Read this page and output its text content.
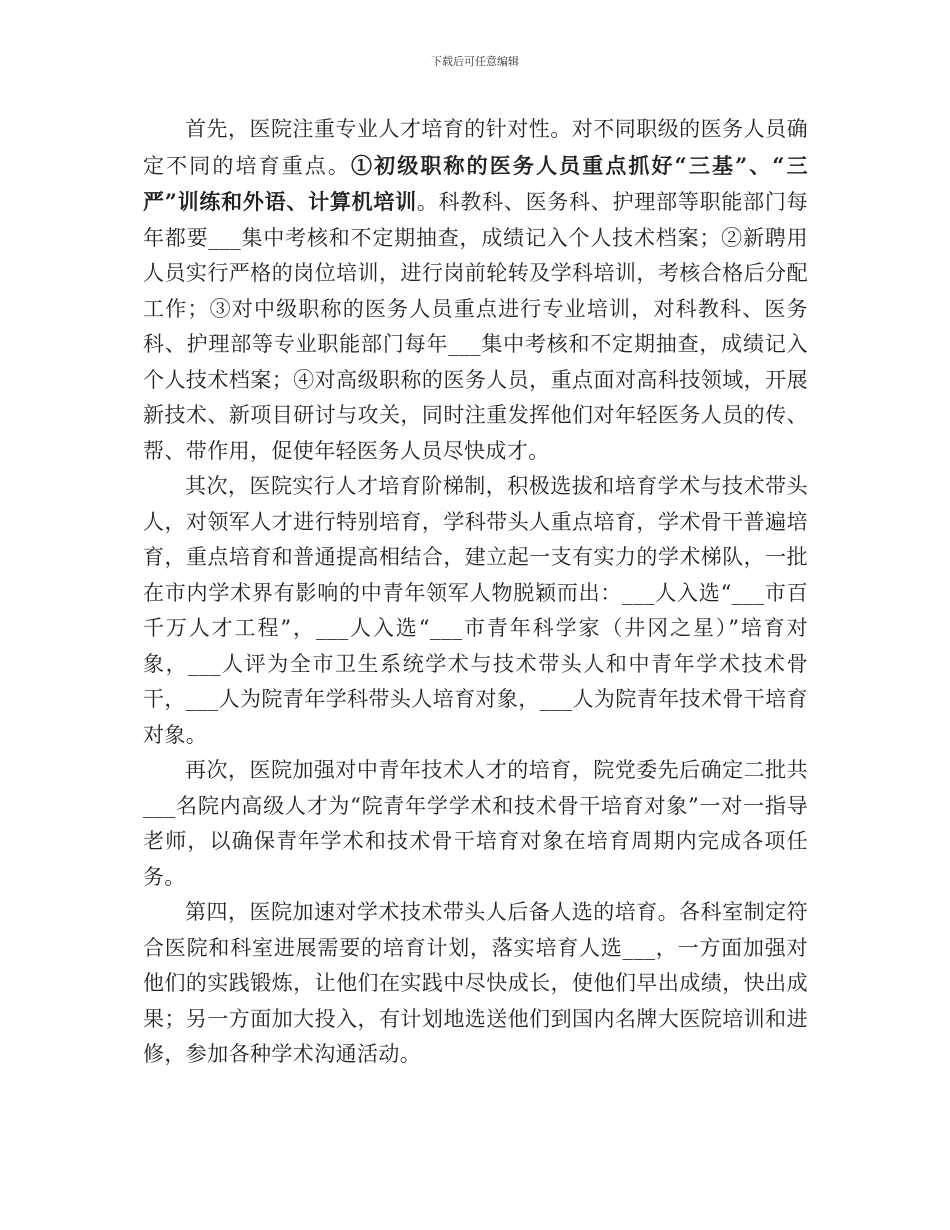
下载后可任意编辑

首先，医院注重专业人才培育的针对性。对不同职级的医务人员确定不同的培育重点。①初级职称的医务人员重点抓好“三基”、“三严”训练和外语、计算机培训。科教科、医务科、护理部等职能部门每年都要___集中考核和不定期抽查，成绩记入个人技术档案；②新聘用人员实行严格的岗位培训，进行岗前轮转及学科培训，考核合格后分配工作；③对中级职称的医务人员重点进行专业培训，对科教科、医务科、护理部等专业职能部门每年___集中考核和不定期抽查，成绩记入个人技术档案；④对高级职称的医务人员，重点面对高科技领域，开展新技术、新项目研讨与攻关，同时注重发挥他们对年轻医务人员的传、帮、带作用，促使年轻医务人员尽快成才。

其次，医院实行人才培育阶梯制，积极选拔和培育学术与技术带头人，对领军人才进行特别培育，学科带头人重点培育，学术骨干普遍培育，重点培育和普通提高相结合，建立起一支有实力的学术梯队，一批在市内学术界有影响的中青年领军人物脱颖而出：___人入选“___市百千万人才工程”，___人入选“___市青年科学家（井冈之星）”培育对象，___人评为全市卫生系统学术与技术带头人和中青年学术技术骨干，___人为院青年学科带头人培育对象，___人为院青年技术骨干培育对象。

再次，医院加强对中青年技术人才的培育，院党委先后确定二批共___名院内高级人才为“院青年学学术和技术骨干培育对象”一对一指导老师，以确保青年学术和技术骨干培育对象在培育周期内完成各项任务。

第四，医院加速对学术技术带头人后备人选的培育。各科室制定符合医院和科室进展需要的培育计划，落实培育人选___，一方面加强对他们的实践锻炼，让他们在实践中尽快成长，使他们早出成绩，快出成果；另一方面加大投入，有计划地选送他们到国内名牌大医院培训和进修，参加各种学术沟通活动。
